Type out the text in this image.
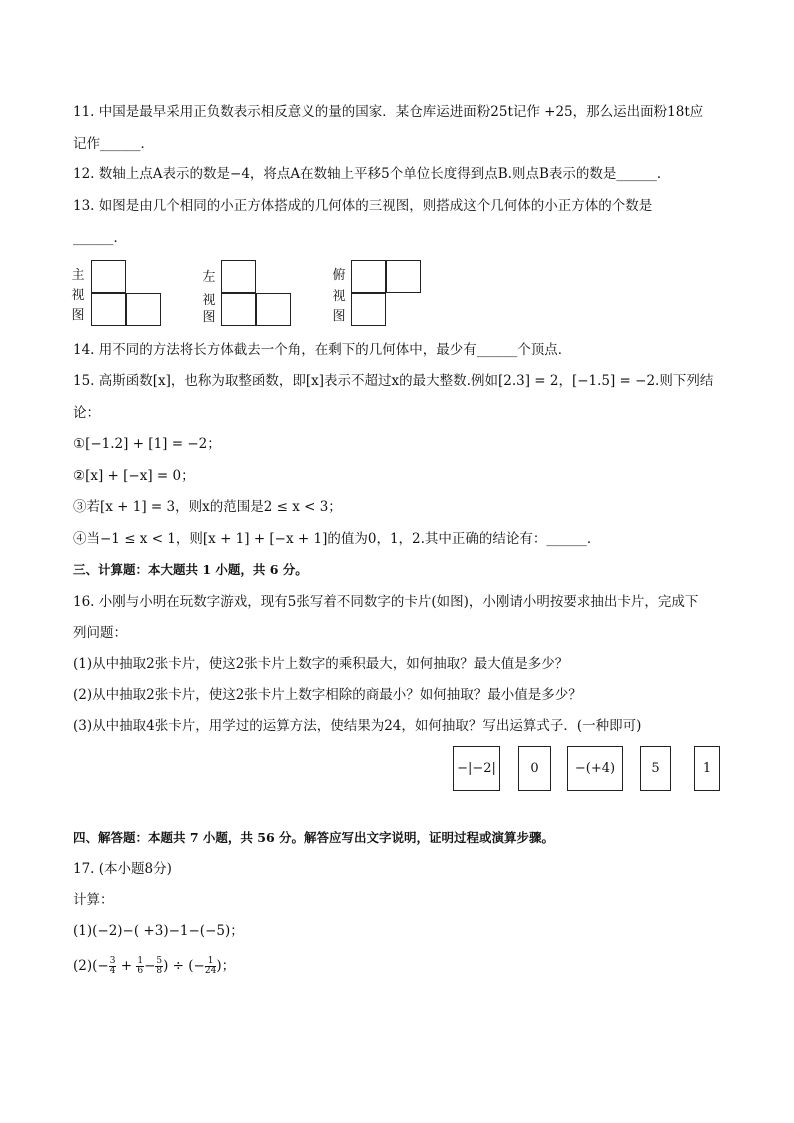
11. 中国是最早采用正负数表示相反意义的量的国家．某仓库运进面粉25t记作 +25，那么运出面粉18t应
记作______．
12. 数轴上点A表示的数是−4，将点A在数轴上平移5个单位长度得到点B.则点B表示的数是______．
13. 如图是由几个相同的小正方体搭成的几何体的三视图，则搭成这个几何体的小正方体的个数是
______．
主
视
图
左
视
图
俯
视
图
14. 用不同的方法将长方体截去一个角，在剩下的几何体中，最少有______个顶点．
15. 高斯函数[x]，也称为取整函数，即[x]表示不超过x的最大整数.例如[2.3] = 2，[−1.5] = −2.则下列结
论：
①[−1.2] + [1] = −2；
②[x] + [−x] = 0；
③若[x + 1] = 3，则x的范围是2 ≤ x < 3；
④当−1 ≤ x < 1，则[x + 1] + [−x + 1]的值为0，1，2.其中正确的结论有：______．
三、计算题：本大题共 1 小题，共 6 分。
16. 小刚与小明在玩数字游戏，现有5张写着不同数字的卡片(如图)，小刚请小明按要求抽出卡片，完成下
列问题：
(1)从中抽取2张卡片，使这2张卡片上数字的乘积最大，如何抽取？最大值是多少？
(2)从中抽取2张卡片，使这2张卡片上数字相除的商最小？如何抽取？最小值是多少？
(3)从中抽取4张卡片，用学过的运算方法，使结果为24，如何抽取？写出运算式子．(一种即可)
−|−2|	0	−(+4)	5	1
四、解答题：本题共 7 小题，共 56 分。解答应写出文字说明，证明过程或演算步骤。
17. (本小题8分)
计算：
(1)(−2)−( +3)−1−(−5)；
$(2)(- \frac{3}{4} + \frac{1}{6} - \frac{5}{8}$ ) ÷ (− $\frac{1}{24}$ )；
